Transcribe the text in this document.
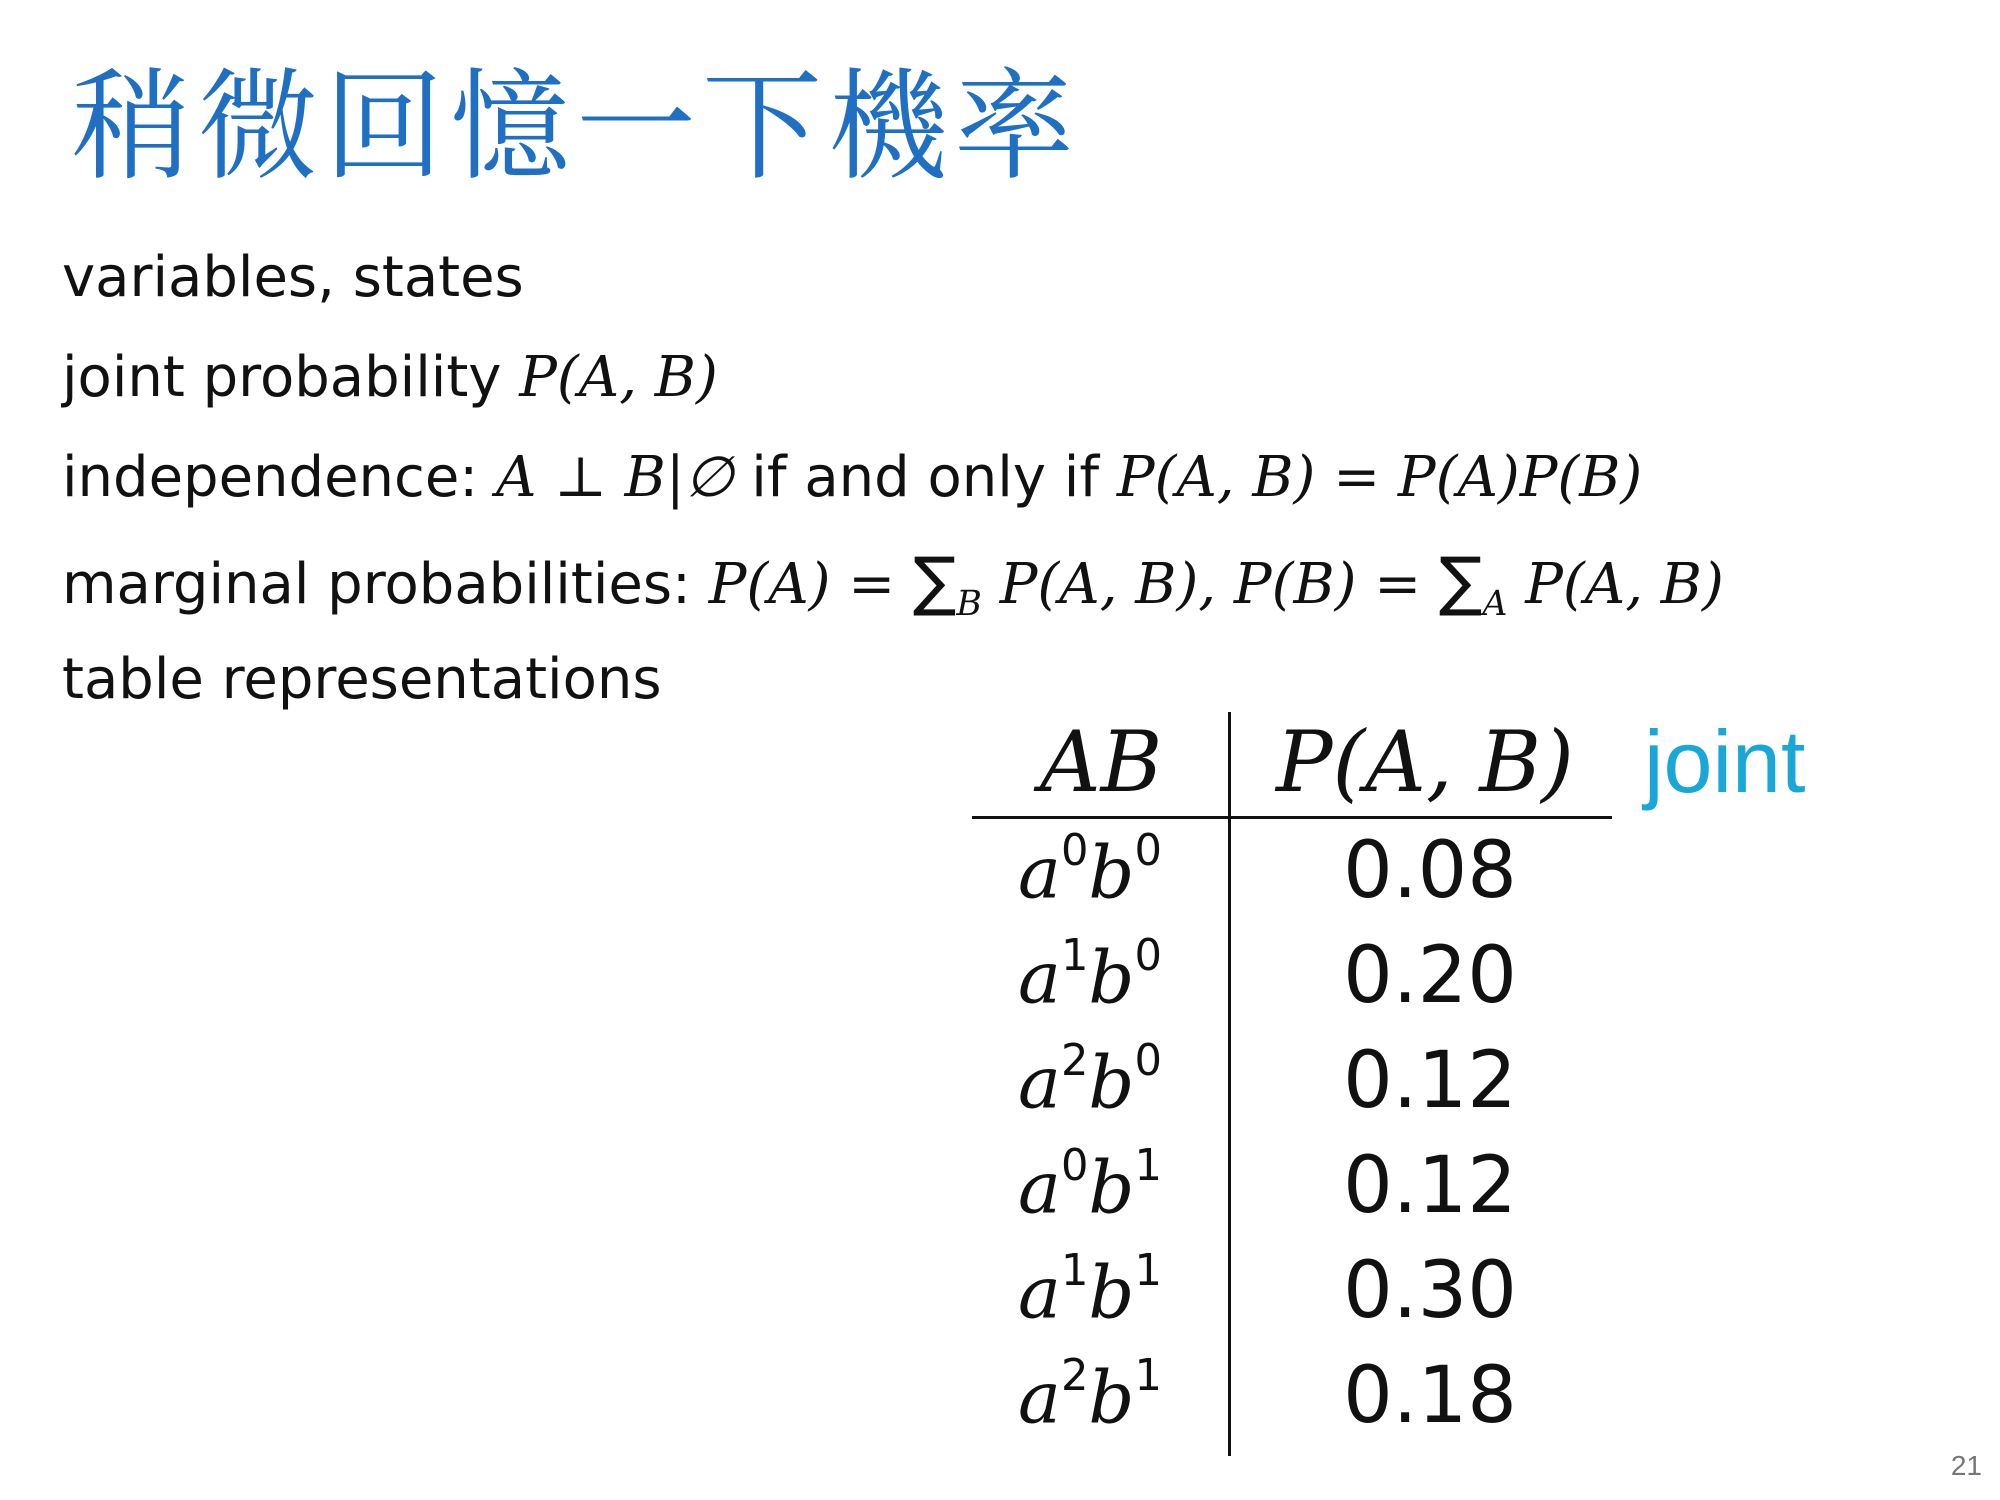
稍微回憶一下機率
variables, states
joint probability P(A, B)
independence: A ⊥ B|∅ if and only if P(A, B) = P(A)P(B)
marginal probabilities: $P(A) = \sum_B$ P(A, B), $P(B) = \sum_A$ P(A, B)
table representations
AB P(A, B)
$a^0b^0$	0.08
$a^1b^0$	0.20
$a^2b^0$	0.12
$a^0b^1$	0.12
$a^1b^1$	0.30
$a^2b^1$	0.18
joint
21
